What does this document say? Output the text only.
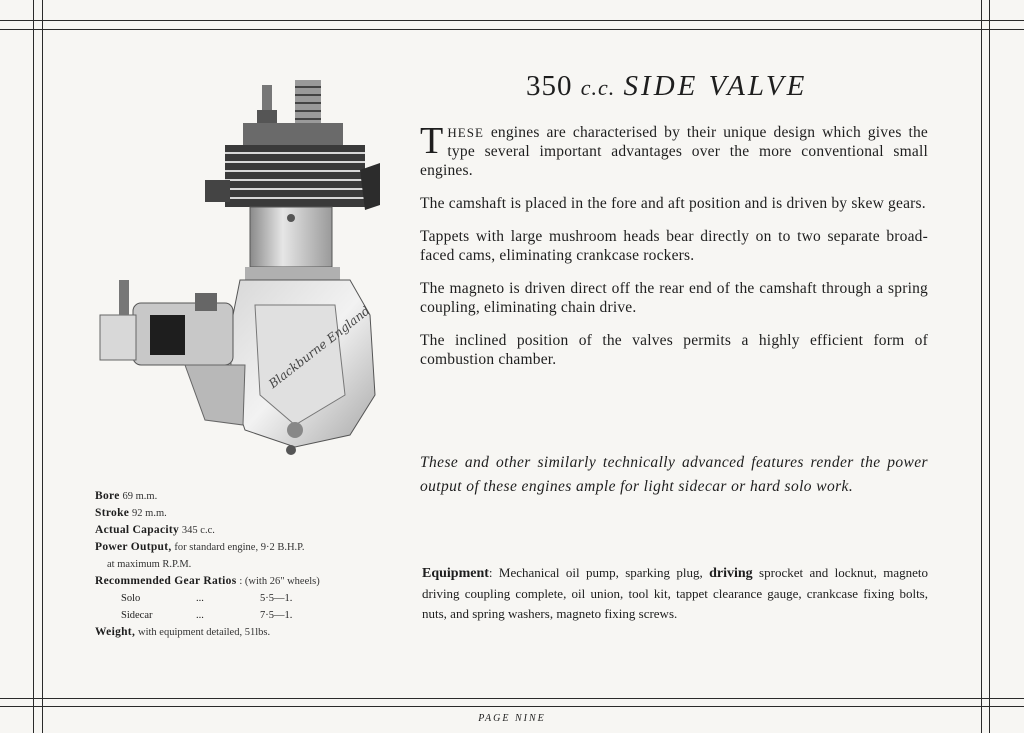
Blackburne England
350 c.c. SIDE VALVE

THESE engines are characterised by their unique design which gives the type several important advantages over the more conventional small engines.

The camshaft is placed in the fore and aft position and is driven by skew gears.

Tappets with large mushroom heads bear directly on to two separate broad-faced cams, eliminating crankcase rockers.

The magneto is driven direct off the rear end of the camshaft through a spring coupling, eliminating chain drive.

The inclined position of the valves permits a highly efficient form of combustion chamber.

These and other similarly technically advanced features render the power output of these engines ample for light sidecar or hard solo work.
Equipment: Mechanical oil pump, sparking plug, driving sprocket and locknut, magneto driving coupling complete, oil union, tool kit, tappet clearance gauge, crankcase fixing bolts, nuts, and spring washers, magneto fixing screws.
Bore 69 m.m.
Stroke 92 m.m.
Actual Capacity 345 c.c.
Power Output, for standard engine, 9·2 B.H.P.
at maximum R.P.M.
Recommended Gear Ratios : (with 26" wheels)
Solo	...	5·5—1.
Sidecar	...	7·5—1.
Weight, with equipment detailed, 51lbs.
PAGE NINE
